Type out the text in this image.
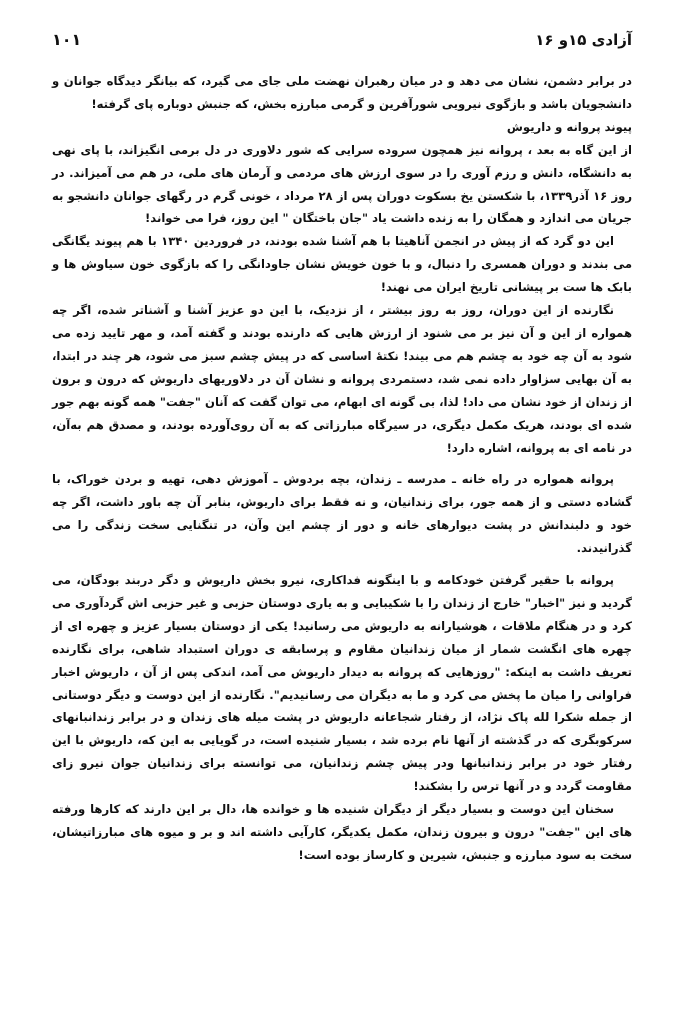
۱۰۱	آزادی ۱۵و ۱۶

در برابر دشمن، نشان می دهد و در میان رهبران نهضت ملی جای می گیرد، که بیانگر دیدگاه جوانان و دانشجویان باشد و بازگوی نیرویی شورآفرین و گرمی مبارزه بخش، که جنبش دوباره پای گرفته!

پیوند پروانه و داریوش

از این گاه به بعد ، پروانه نیز همچون سروده سرایی که شور دلاوری در دل برمی انگیزاند، با پای نهی به دانشگاه، دانش و رزم آوری را در سوی ارزش های مردمی و آرمان های ملی، در هم می آمیزاند. در روز ۱۶ آذر۱۳۳۹، با شکستن یخ بسکوت دوران پس از ۲۸ مرداد ، خونی گرم در رگهای جوانان دانشجو به جریان می اندازد و همگان را به زنده داشت یاد "جان باختگان " این روز، فرا می خواند!

این دو گرد که از پیش در انجمن آناهیتا با هم آشنا شده بودند، در فروردین ۱۳۴۰ با هم پیوند یگانگی می بندند و دوران همسری را دنبال، و با خون خویش نشان جاودانگی را که بازگوی خون سیاوش ها و بابک ها ست بر پیشانی تاریخ ایران می نهند!

نگارنده از این دوران، روز به روز بیشتر ، از نزدیک، با این دو عزیز آشنا و آشناتر شده، اگر چه همواره از این و آن نیز بر می شنود از ارزش هایی که دارنده بودند و گفته آمد، و مهر تایید زده می شود به آن چه خود به چشم هم می بیند! نکتهٔ اساسی که در پیش چشم سبز می شود، هر چند در ابتدا، به آن بهایی سزاوار داده نمی شد، دستمردی پروانه و نشان آن در دلاوریهای داریوش که درون و برون از زندان از خود نشان می داد! لذا، بی گونه ای ابهام، می توان گفت که آنان "جفت" همه گونه بهم جور شده ای بودند، هریک مکمل دیگری، در سیرگاه مبارزاتی که به آن روی‌آورده بودند، و مصدق هم به‌آن، در نامه ای به پروانه، اشاره دارد!

پروانه همواره در راه خانه ـ مدرسه ـ زندان، بچه بردوش ـ آموزش دهی، تهیه و بردن خوراک، با گشاده دستی و از همه جور، برای زندانیان، و نه فقط برای داریوش، بنابر آن چه باور داشت، اگر چه خود و دلبندانش در پشت دیوارهای خانه و دور از چشم این وآن، در تنگنایی سخت زندگی را می گذرانیدند.

پروانه با حقیر گرفتن خودکامه و با اینگونه فداکاری، نیرو بخش داریوش و دگر دربند بودگان، می گردید و نیز "اخبار" خارج از زندان را با شکیبایی و به یاری دوستان حزبی و غیر حزبی اش گردآوری می کرد و در هنگام ملاقات ، هوشیارانه به داریوش می رسانید! یکی از دوستان بسیار عزیز و چهره ای از چهره های انگشت شمار از میان زندانیان مقاوم و پرسابقه ی دوران استبداد شاهی، برای نگارنده تعریف داشت به اینکه: "روزهایی که پروانه به دیدار داریوش می آمد، اندکی پس از آن ، داریوش اخبار فراوانی را میان ما پخش می کرد و ما به دیگران می رسانیدیم". نگارنده از این دوست و دیگر دوستانی از جمله شکرا لله پاک نژاد، از رفتار شجاعانه داریوش در پشت میله های زندان و در برابر زندانبانهای سرکوبگری که در گذشته از آنها نام برده شد ، بسیار شنیده است، در گویایی به این که، داریوش با این رفتار خود در برابر زندانبانها ودر پیش چشم زندانیان، می توانسته برای زندانیان جوان نیرو زای مقاومت گردد و در آنها ترس را بشکند!

سخنان این دوست و بسیار دیگر از دیگران شنیده ها و خوانده ها، دال بر این دارند که کارها ورفته های این "جفت" درون و بیرون زندان، مکمل یکدیگر، کارآیی داشته اند و بر و میوه های مبارزاتیشان، سخت به سود مبارزه و جنبش، شیرین و کارساز بوده است!
